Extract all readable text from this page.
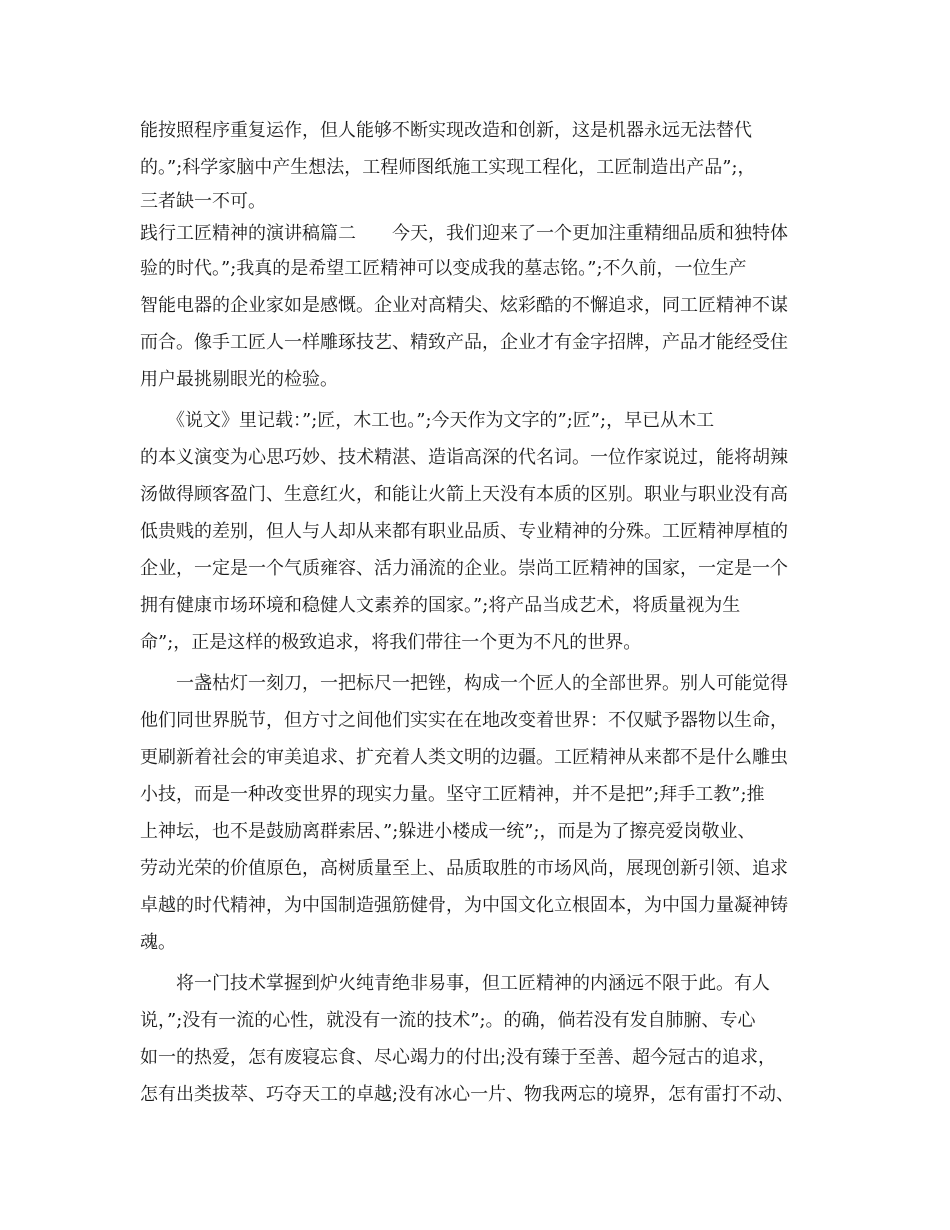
能按照程序重复运作，但人能够不断实现改造和创新，这是机器永远无法替代
的。”;科学家脑中产生想法，工程师图纸施工实现工程化，工匠制造出产品”;，
三者缺一不可。
践行工匠精神的演讲稿篇二　　今天，我们迎来了一个更加注重精细品质和独特体
验的时代。”;我真的是希望工匠精神可以变成我的墓志铭。”;不久前，一位生产
智能电器的企业家如是感慨。企业对高精尖、炫彩酷的不懈追求，同工匠精神不谋
而合。像手工匠人一样雕琢技艺、精致产品，企业才有金字招牌，产品才能经受住
用户最挑剔眼光的检验。
　　《说文》里记载：”;匠，木工也。”;今天作为文字的”;匠”;，早已从木工
的本义演变为心思巧妙、技术精湛、造诣高深的代名词。一位作家说过，能将胡辣
汤做得顾客盈门、生意红火，和能让火箭上天没有本质的区别。职业与职业没有高
低贵贱的差别，但人与人却从来都有职业品质、专业精神的分殊。工匠精神厚植的
企业，一定是一个气质雍容、活力涌流的企业。崇尚工匠精神的国家，一定是一个
拥有健康市场环境和稳健人文素养的国家。”;将产品当成艺术，将质量视为生
命”;，正是这样的极致追求，将我们带往一个更为不凡的世界。
　　一盏枯灯一刻刀，一把标尺一把锉，构成一个匠人的全部世界。别人可能觉得
他们同世界脱节，但方寸之间他们实实在在地改变着世界：不仅赋予器物以生命，
更刷新着社会的审美追求、扩充着人类文明的边疆。工匠精神从来都不是什么雕虫
小技，而是一种改变世界的现实力量。坚守工匠精神，并不是把”;拜手工教”;推
上神坛，也不是鼓励离群索居、”;躲进小楼成一统”;，而是为了擦亮爱岗敬业、
劳动光荣的价值原色，高树质量至上、品质取胜的市场风尚，展现创新引领、追求
卓越的时代精神，为中国制造强筋健骨，为中国文化立根固本，为中国力量凝神铸
魂。
　　将一门技术掌握到炉火纯青绝非易事，但工匠精神的内涵远不限于此。有人
说，”;没有一流的心性，就没有一流的技术”;。的确，倘若没有发自肺腑、专心
如一的热爱，怎有废寝忘食、尽心竭力的付出;没有臻于至善、超今冠古的追求，
怎有出类拔萃、巧夺天工的卓越;没有冰心一片、物我两忘的境界，怎有雷打不动、
